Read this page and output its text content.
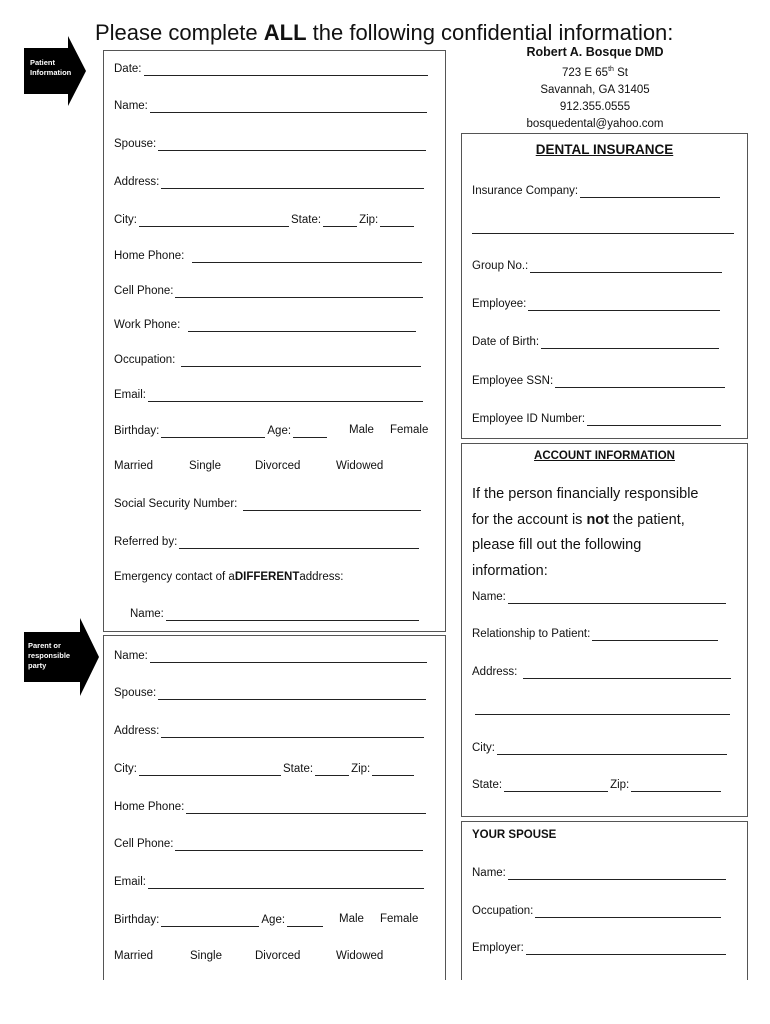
Please complete ALL the following confidential information:
Patient
Information
Parent or
responsible
party
Robert A. Bosque DMD
723 E 65th St
Savannah, GA 31405
912.355.0555
bosquedental@yahoo.com
Date:
Name:
Spouse:
Address:
City:	State:	Zip:
Home Phone:
Cell Phone:
Work Phone:
Occupation:
Email:
Birthday:	Age:	Male Female
Married	Single	Divorced	Widowed
Social Security Number:
Referred by:
Emergency contact of a DIFFERENT address:
Name:
Name:
Spouse:
Address:
City:	State:	Zip:
Home Phone:
Cell Phone:
Email:
Birthday:	Age:	Male Female
Married	Single	Divorced	Widowed
DENTAL INSURANCE
Insurance Company:
Group No.:
Employee:
Date of Birth:
Employee SSN:
Employee ID Number:
ACCOUNT INFORMATION
If the person financially responsible
for the account is not the patient,
please fill out the following
information:
Name:
Relationship to Patient:
Address:
City:
State:	Zip:
YOUR SPOUSE
Name:
Occupation:
Employer:
